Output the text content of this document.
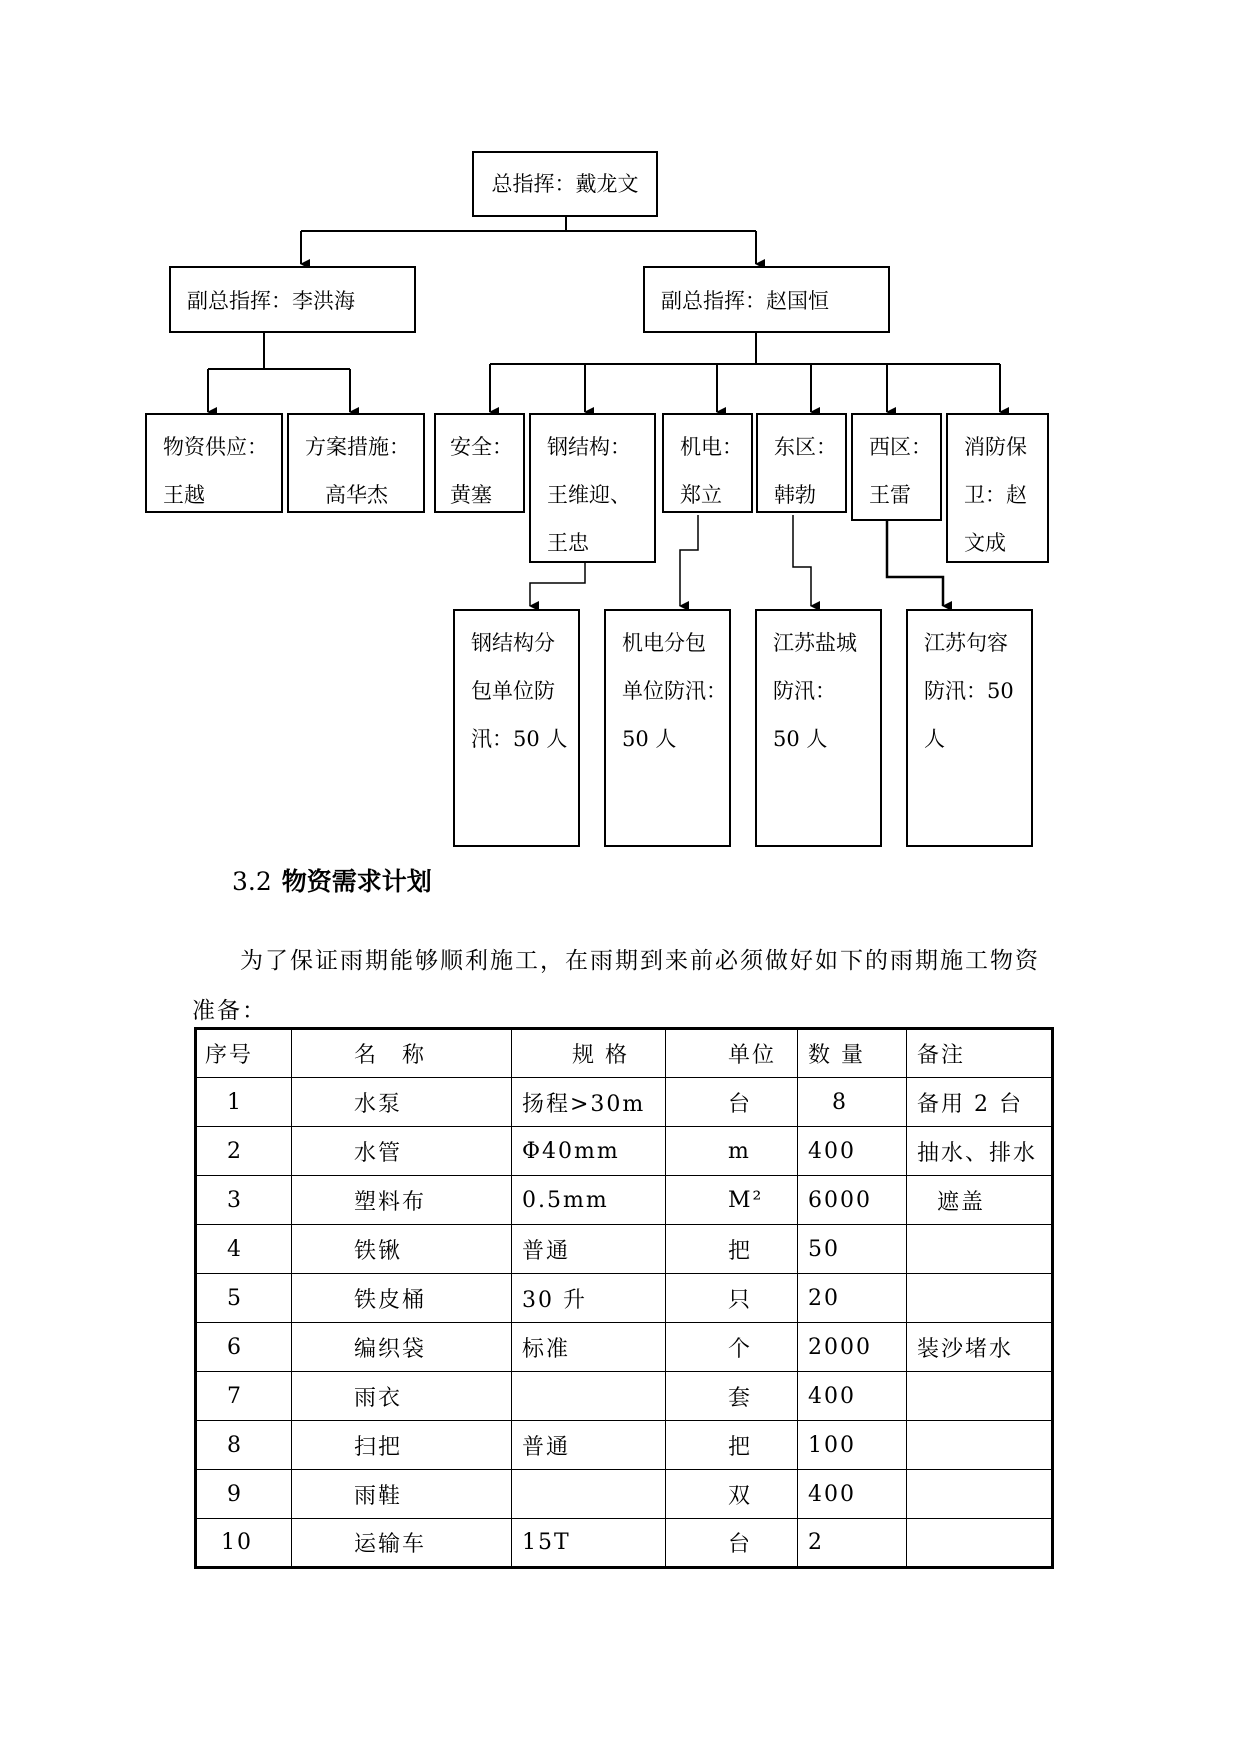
总指挥：戴龙文
副总指挥：李洪海	副总指挥：赵国恒
物资供应：
王越
方案措施：
高华杰
安全：
黄塞
钢结构：
王维迎、
王忠
机电：
郑立
东区：
韩勃
西区：
王雷
消防保
卫：赵
文成
钢结构分
包单位防
汛：50 人
机电分包
单位防汛：
50 人
江苏盐城
防汛：
50 人
江苏句容
防汛：50
人
3.2 物资需求计划
为了保证雨期能够顺利施工，在雨期到来前必须做好如下的雨期施工物资准备：
序号	名　称	规 格	单位	数 量	备注
1	水泵	扬程>30m	台	8	备用 2 台
2	水管	Φ40mm	m	400	抽水、排水
3	塑料布	0.5mm	M²	6000	遮盖
4	铁锹	普通	把	50	
5	铁皮桶	30 升	只	20	
6	编织袋	标准	个	2000	装沙堵水
7	雨衣		套	400	
8	扫把	普通	把	100	
9	雨鞋		双	400	
10	运输车	15T	台	2	
